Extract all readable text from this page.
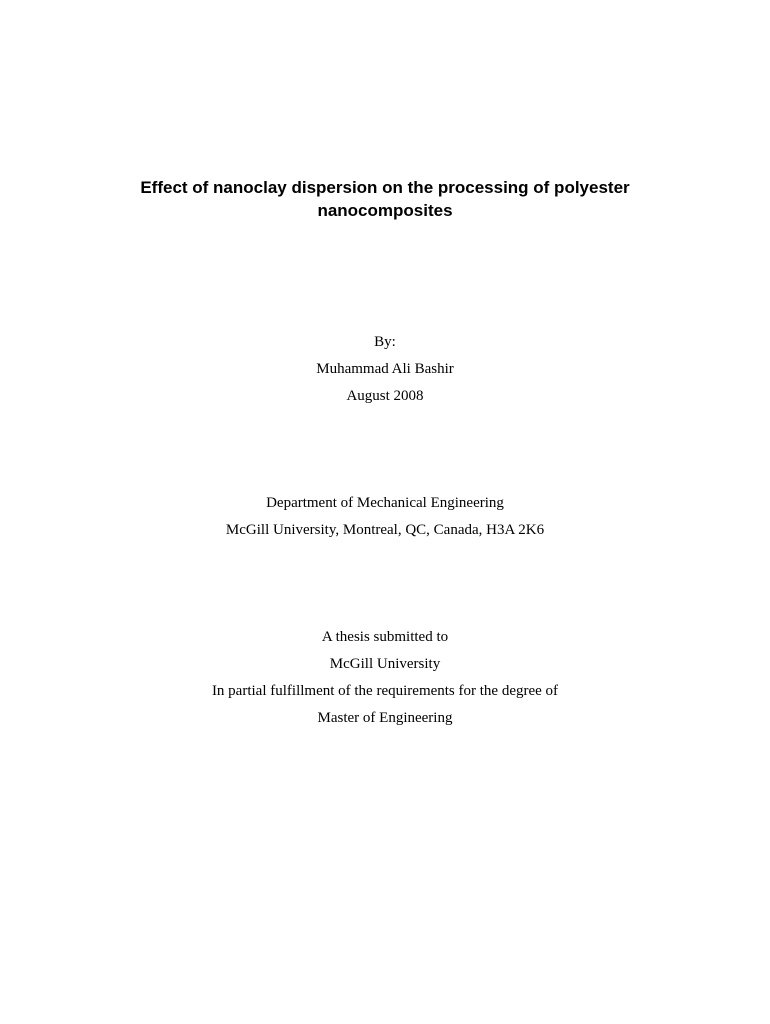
Effect of nanoclay dispersion on the processing of polyester
nanocomposites
By:
Muhammad Ali Bashir
August 2008
Department of Mechanical Engineering
McGill University, Montreal, QC, Canada, H3A 2K6
A thesis submitted to
McGill University
In partial fulfillment of the requirements for the degree of
Master of Engineering
